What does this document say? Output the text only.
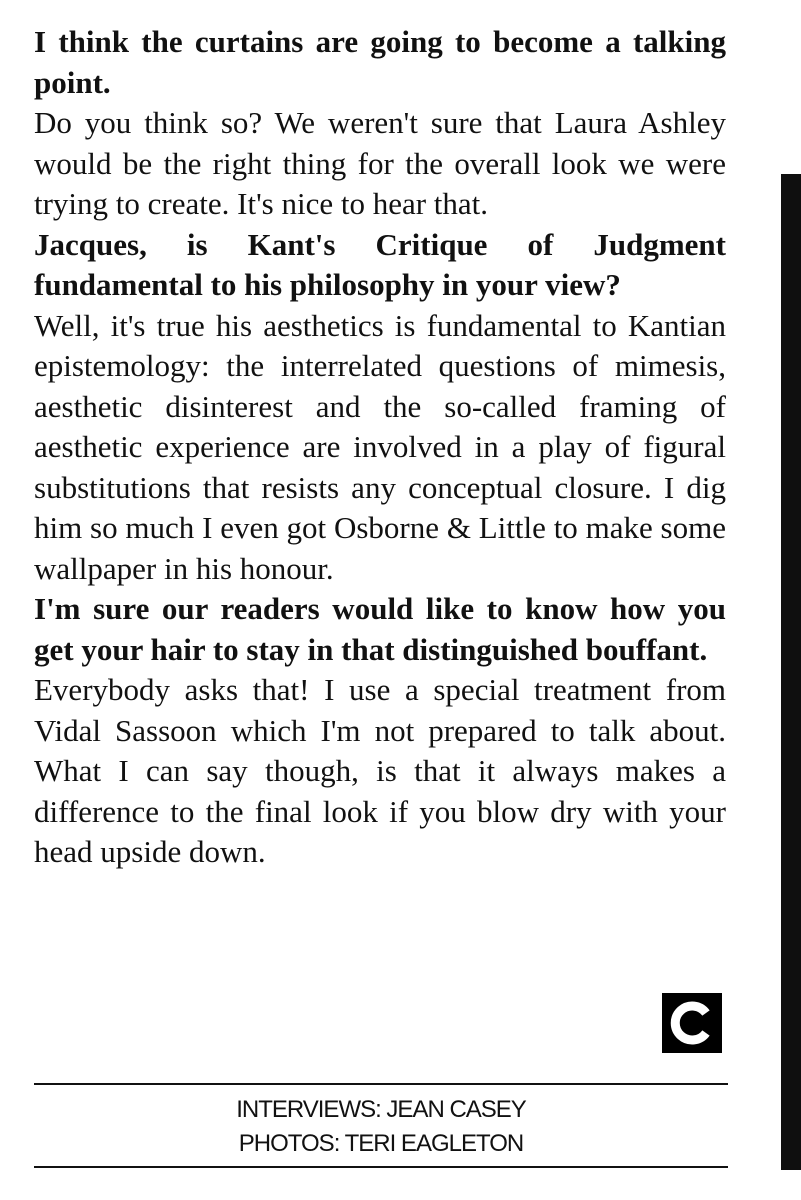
I think the curtains are going to become a talking point.

Do you think so? We weren't sure that Laura Ashley would be the right thing for the overall look we were trying to create. It's nice to hear that.

Jacques, is Kant's Critique of Judgment fundamental to his philosophy in your view?

Well, it's true his aesthetics is fundamental to Kantian epistemology: the interrelated questions of mimesis, aesthetic disinterest and the so-called framing of aesthetic experience are involved in a play of figural substitutions that resists any conceptual closure. I dig him so much I even got Osborne & Little to make some wallpaper in his honour.

I'm sure our readers would like to know how you get your hair to stay in that distinguished bouffant.

Everybody asks that! I use a special treatment from Vidal Sassoon which I'm not prepared to talk about. What I can say though, is that it always makes a difference to the final look if you blow dry with your head upside down.

INTERVIEWS: JEAN CASEY
PHOTOS: TERI EAGLETON
